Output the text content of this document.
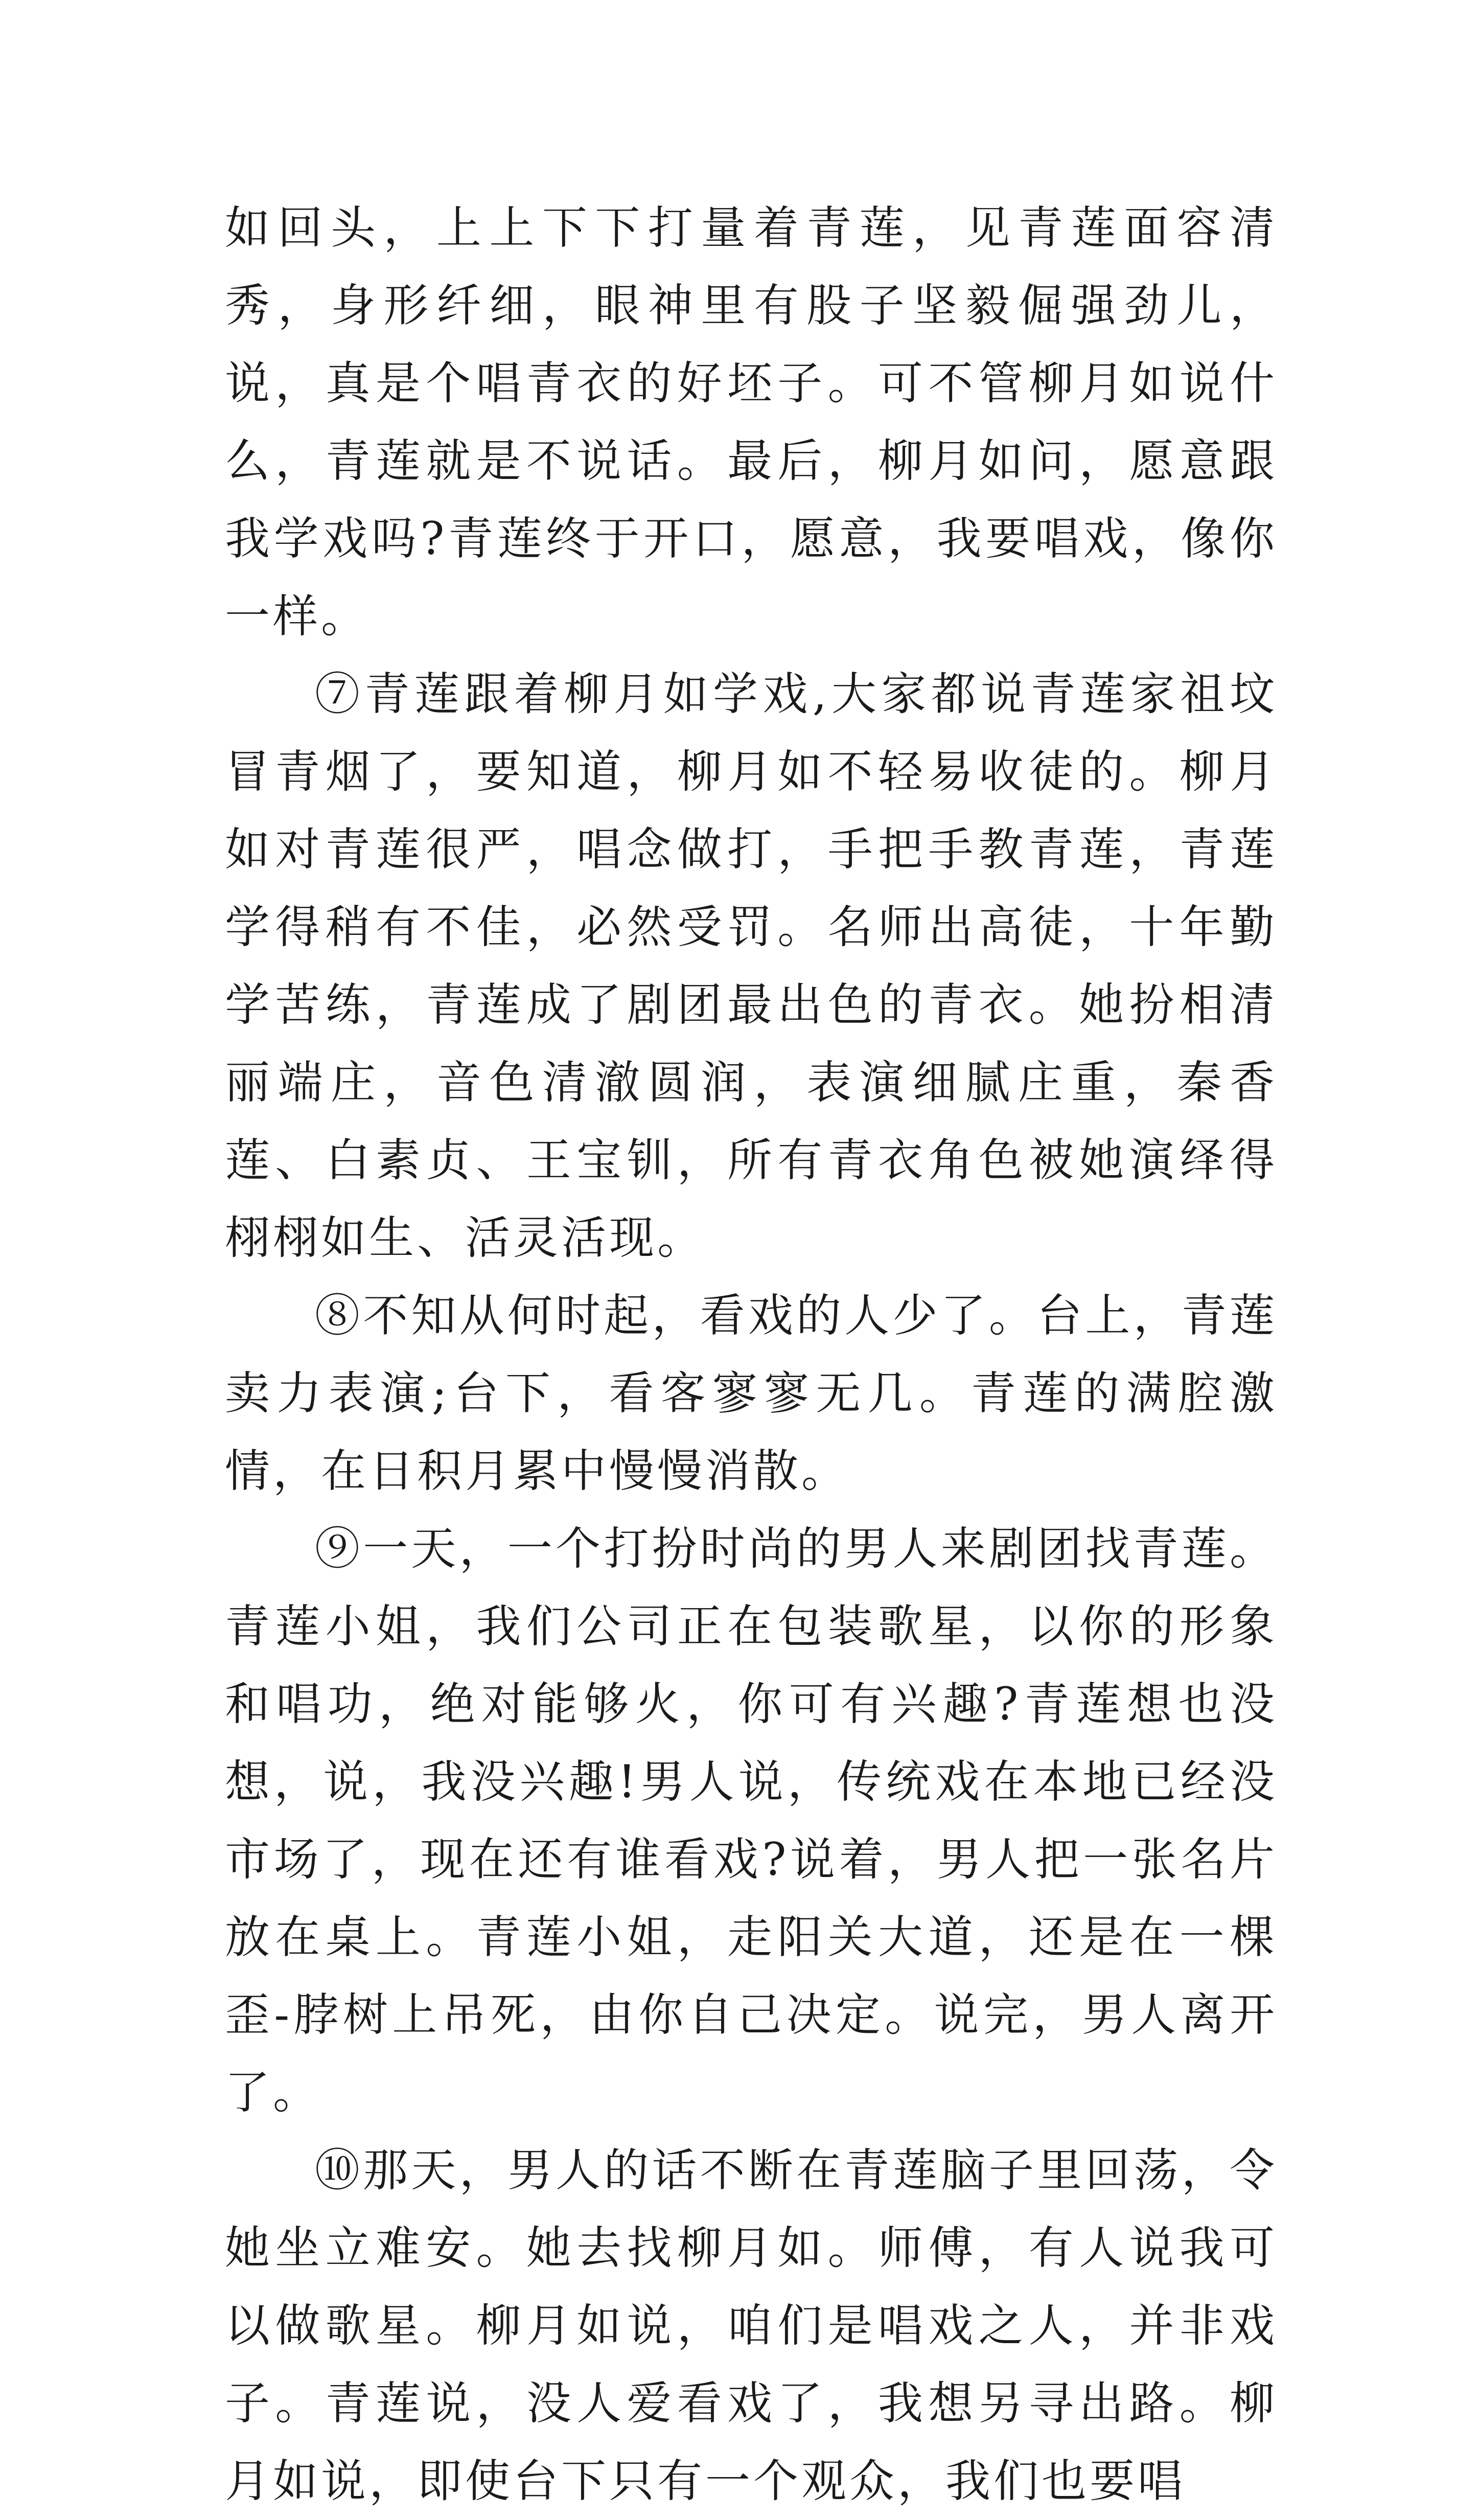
如回头，上上下下打量着青莲，见青莲面容清秀，身形纤细，眼神里有股子坚毅倔强劲儿，说，真是个唱青衣的好坯子。可不管柳月如说什么，青莲就是不说话。最后，柳月如问，愿意跟我学戏吗?青莲终于开口，愿意，我要唱戏，像你一样。

⑦青莲跟着柳月如学戏,大家都说青莲家祖坟冒青烟了，要知道，柳月如不轻易收徒的。柳月如对青莲很严，唱念做打，手把手教青莲，青莲学得稍有不佳，必然受罚。名师出高徒，十年勤学苦练，青莲成了剧团最出色的青衣。她扮相清丽端庄，音色清澈圆润，表演细腻庄重，秦香莲、白素贞、王宝钏，所有青衣角色被她演绎得栩栩如生、活灵活现。

⑧不知从何时起，看戏的人少了。台上，青莲卖力表演;台下，看客寥寥无几。青莲的满腔激情，在日积月累中慢慢消散。

⑨一天，一个打扮时尚的男人来剧团找青莲。青莲小姐，我们公司正在包装歌星，以你的形象和唱功，绝对能够火，你可有兴趣?青莲想也没想，说，我没兴趣!男人说，传统戏在本地已经没市场了，现在还有谁看戏?说着，男人把一张名片放在桌上。青莲小姐，走阳关大道，还是在一棵歪-脖树上吊死，由你自己决定。说完，男人离开了。

⑩那天，男人的话不断在青莲脑子里回荡，令她坐立难安。她去找柳月如。师傅，有人说我可以做歌星。柳月如说，咱们是唱戏之人，并非戏子。青莲说，没人爱看戏了，我想另寻出路。柳月如说，即使台下只有一个观众，我们也要唱
